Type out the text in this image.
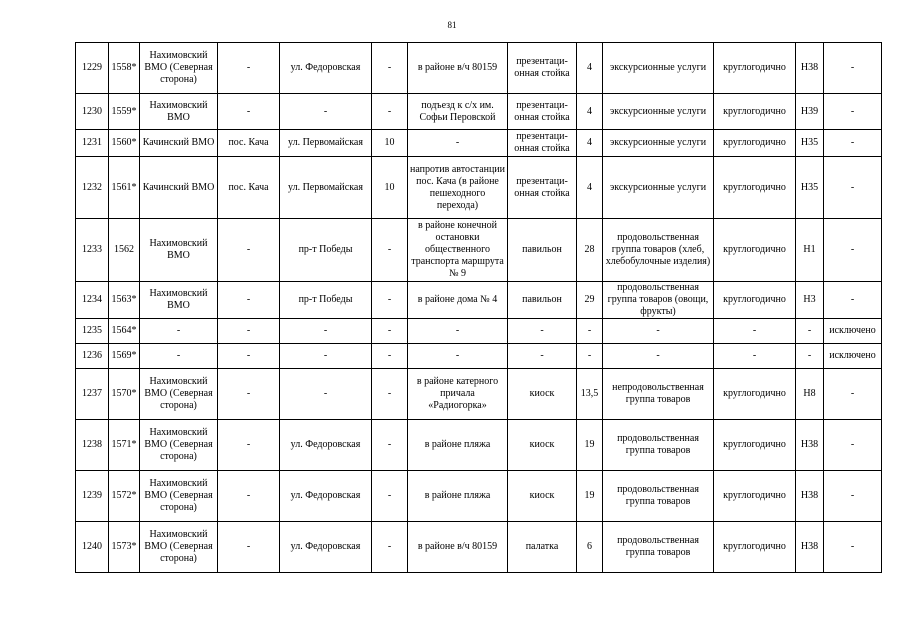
81
1229	1558*	Нахимовский ВМО (Северная сторона)	-	ул. Федоровская	-	в районе в/ч 80159	презентаци-онная стойка	4	экскурсионные услуги	круглогодично	Н38	-
1230	1559*	Нахимовский ВМО	-	-	-	подъезд к с/х им. Софьи Перовской	презентаци-онная стойка	4	экскурсионные услуги	круглогодично	Н39	-
1231	1560*	Качинский ВМО	пос. Кача	ул. Первомайская	10	-	презентаци-онная стойка	4	экскурсионные услуги	круглогодично	Н35	-
1232	1561*	Качинский ВМО	пос. Кача	ул. Первомайская	10	напротив автостанции пос. Кача (в районе пешеходного перехода)	презентаци-онная стойка	4	экскурсионные услуги	круглогодично	Н35	-
1233	1562	Нахимовский ВМО	-	пр-т Победы	-	в районе конечной остановки общественного транспорта маршрута № 9	павильон	28	продовольственная группа товаров (хлеб, хлебобулочные изделия)	круглогодично	Н1	-
1234	1563*	Нахимовский ВМО	-	пр-т Победы	-	в районе дома № 4	павильон	29	продовольственная группа товаров (овощи, фрукты)	круглогодично	Н3	-
1235	1564*	-	-	-	-	-	-	-	-	-	-	исключено
1236	1569*	-	-	-	-	-	-	-	-	-	-	исключено
1237	1570*	Нахимовский ВМО (Северная сторона)	-	-	-	в районе катерного причала «Радиогорка»	киоск	13,5	непродовольственная группа товаров	круглогодично	Н8	-
1238	1571*	Нахимовский ВМО (Северная сторона)	-	ул. Федоровская	-	в районе пляжа	киоск	19	продовольственная группа товаров	круглогодично	Н38	-
1239	1572*	Нахимовский ВМО (Северная сторона)	-	ул. Федоровская	-	в районе пляжа	киоск	19	продовольственная группа товаров	круглогодично	Н38	-
1240	1573*	Нахимовский ВМО (Северная сторона)	-	ул. Федоровская	-	в районе в/ч 80159	палатка	6	продовольственная группа товаров	круглогодично	Н38	-
